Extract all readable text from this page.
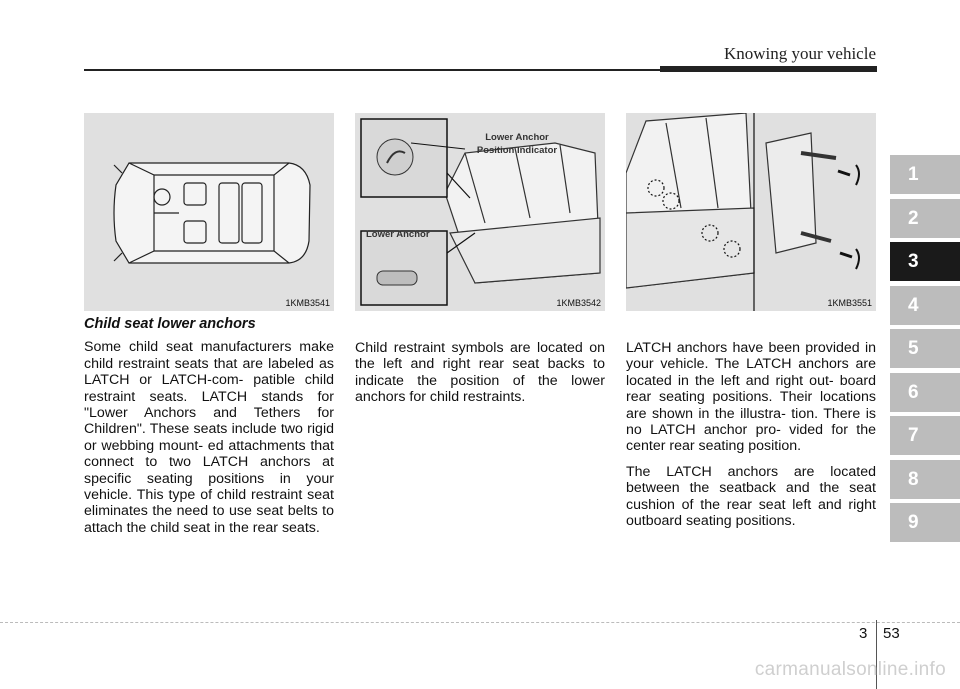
Knowing your vehicle
1KMB3541
Lower Anchor
Position Indicator
Lower Anchor
1KMB3542	1KMB3551
Child seat lower anchors

Some child seat manufacturers make child restraint seats that are labeled as LATCH or LATCH-com- patible child restraint seats. LATCH stands for "Lower Anchors and Tethers for Children". These seats include two rigid or webbing mount- ed attachments that connect to two LATCH anchors at specific seating positions in your vehicle. This type of child restraint seat eliminates the need to use seat belts to attach the child seat in the rear seats.

Child restraint symbols are located on the left and right rear seat backs to indicate the position of the lower anchors for child restraints.

LATCH anchors have been provided in your vehicle. The LATCH anchors are located in the left and right out- board rear seating positions. Their locations are shown in the illustra- tion. There is no LATCH anchor pro- vided for the center rear seating position.

The LATCH anchors are located between the seatback and the seat cushion of the rear seat left and right outboard seating positions.

1
2
3
4
5
6
7
8
9
3 53
carmanualsonline.info
